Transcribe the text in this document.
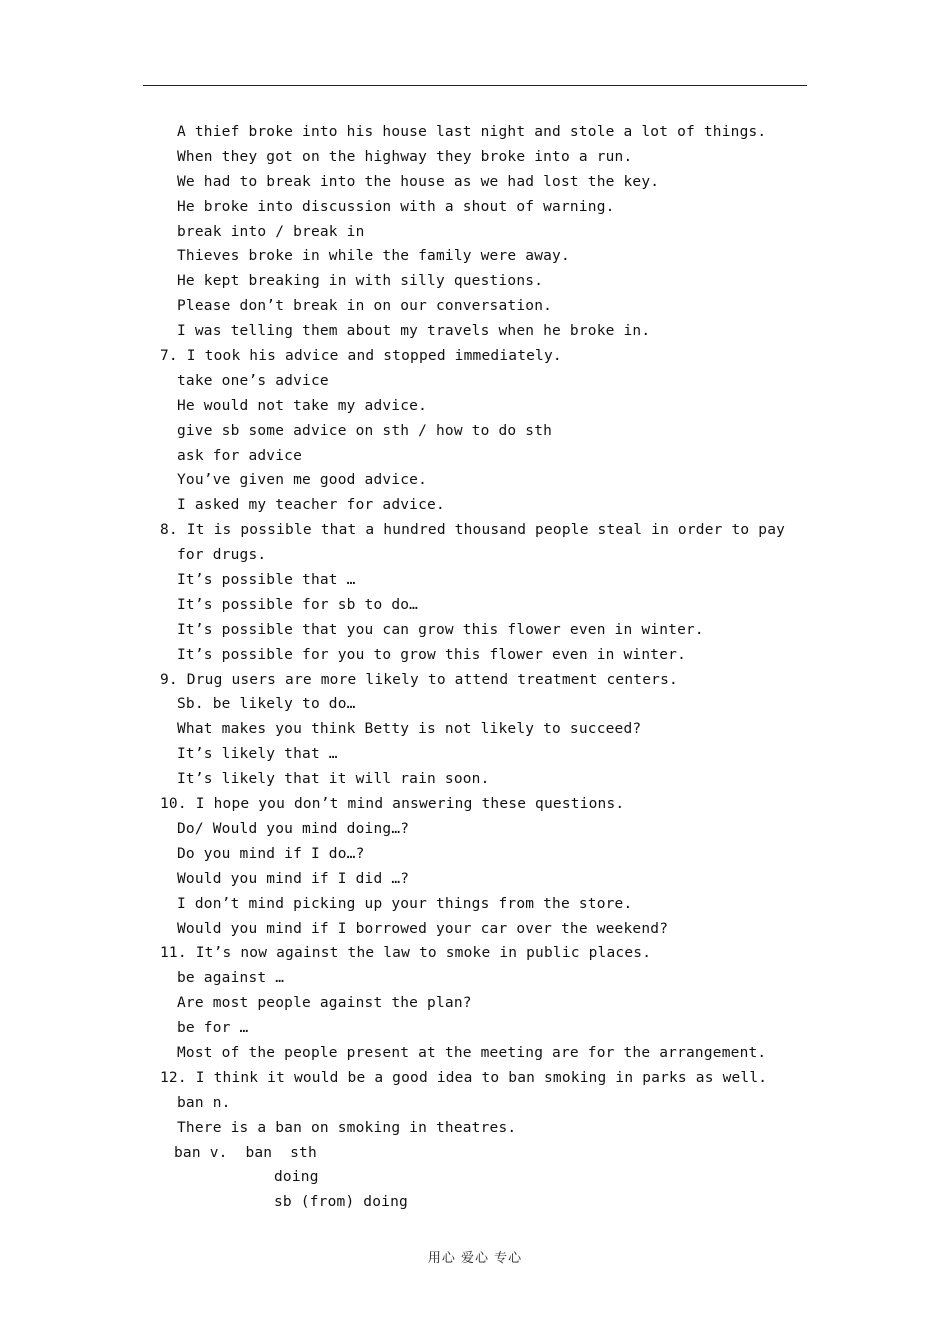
A thief broke into his house last night and stole a lot of things.
When they got on the highway they broke into a run.
We had to break into the house as we had lost the key.
He broke into discussion with a shout of warning.
break into / break in
Thieves broke in while the family were away.
He kept breaking in with silly questions.
Please don’t break in on our conversation.
I was telling them about my travels when he broke in.
7. I took his advice and stopped immediately.
take one’s advice
He would not take my advice.
give sb some advice on sth / how to do sth
ask for advice
You’ve given me good advice.
I asked my teacher for advice.
8. It is possible that a hundred thousand people steal in order to pay
for drugs.
It’s possible that …
It’s possible for sb to do…
It’s possible that you can grow this flower even in winter.
It’s possible for you to grow this flower even in winter.
9. Drug users are more likely to attend treatment centers.
Sb. be likely to do…
What makes you think Betty is not likely to succeed?
It’s likely that …
It’s likely that it will rain soon.
10. I hope you don’t mind answering these questions.
Do/ Would you mind doing…?
Do you mind if I do…?
Would you mind if I did …?
I don’t mind picking up your things from the store.
Would you mind if I borrowed your car over the weekend?
11. It’s now against the law to smoke in public places.
be against …
Are most people against the plan?
be for …
Most of the people present at the meeting are for the arrangement.
12. I think it would be a good idea to ban smoking in parks as well.
ban n.
There is a ban on smoking in theatres.
ban v.  ban  sth
doing
sb (from) doing
用心 爱心 专心
